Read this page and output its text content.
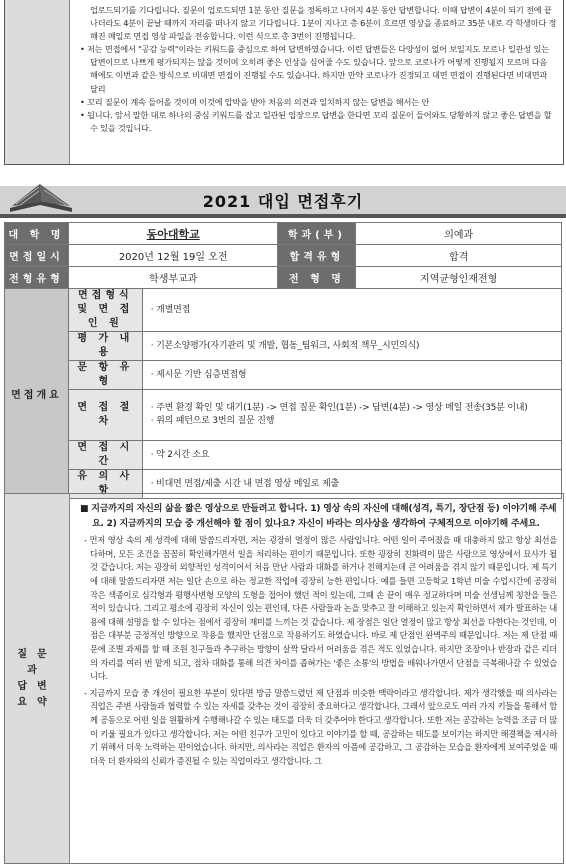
업로드되기를 기다립니다. 질문이 업로드되면 1분 동안 질문을 정독하고 나머지 4분 동안 답변합니다. 이때 답변이 4분이 되기 전에 끝나더라도 4분이 끝날 때까지 자리를 떠나지 않고 기다립니다. 1분이 지나고 총 6분이 흐르면 영상을 종료하고 35분 내로 각 학생마다 정해진 메일로 면접 영상 파일을 전송합니다. 이런 식으로 총 3번이 진행됩니다.

• 저는 면접에서 "공감 능력"이라는 키워드를 중심으로 하여 답변하였습니다. 이런 답변들은 다양성이 없어 보일지도 모르나 일관성 있는 답변이므로 나쁘게 평가되지는 않을 것이며 오히려 좋은 인상을 심어줄 수도 있습니다. 앞으로 코로나가 어떻게 진행될지 모르며 다음 해에도 이번과 같은 방식으로 비대면 면접이 진행될 수도 있습니다. 하지만 만약 코로나가 진정되고 대면 면접이 진행된다면 비대면과 달리

• 꼬리 질문이 계속 들어올 것이며 이것에 압박을 받아 처음의 의견과 일치하지 않는 답변을 해서는 안

• 됩니다. 앞서 말한 대로 하나의 중심 키워드를 잡고 일관된 입장으로 답변을 한다면 꼬리 질문이 들어와도 당황하지 않고 좋은 답변을 할 수 있을 것입니다.

2021 대입 면접후기
대 학 명	동아대학교		학과(부)	의예과
면접일시	2020년 12월 19일 오전		합격유형	합격
전형유형	학생부교과		전 형 명	지역균형인재전형
면접개요	면접형식 및 면 접 인 원	· 개별면접		
	평 가 내 용	· 기본소양평가(자기관리 및 개발, 협동_팀워크, 사회적 책무_시민의식)		
	문 항 유 형	· 제시문 기반 심층면접형		
	면 접 절 차	· 주변 환경 확인 및 대기(1분) -> 면접 질문 확인(1분) -> 답변(4분) -> 영상 메일 전송(35분 이내)
· 위의 패턴으로 3번의 질문 진행		

	면 접 시 간	· 약 2시간 소요		
	유 의 사 항	· 비대면 면접/제출 시간 내 면접 영상 메일로 제출		
질문과 답변 요약
■ 지금까지의 자신의 삶을 짧은 영상으로 만들려고 합니다. 1) 영상 속의 자신에 대해(성격, 특기, 장단점 등) 이야기해 주세요. 2) 지금까지의 모습 중 개선해야 할 점이 있나요? 자신이 바라는 의사상을 생각하여 구체적으로 이야기해 주세요.
- 먼저 영상 속의 제 성격에 대해 말씀드리자면, 저는 굉장히 열정이 많은 사람입니다. 어떤 일이 주어졌을 때 대충하지 않고 항상 최선을 다하며, 모든 조건을 꼼꼼히 확인해가면서 일을 처리하는 편이기 때문입니다. 또한 굉장히 친화력이 많은 사람으로 영상에서 묘사가 될 것 같습니다. 저는 굉장히 외향적인 성격이어서 처음 만난 사람과 대화를 하거나 친해지는데 큰 어려움을 겪지 않기 때문입니다. 제 특기에 대해 말씀드리자면 저는 일단 손으로 하는 정교한 작업에 굉장히 능한 편입니다. 예를 들면 고등학교 1학년 미술 수업시간에 공장히 작은 색종이로 심각형과 평행사변형 모양의 도형을 접어야 했던 적이 있는데, 그때 손 끝이 매우 정교하다며 미술 선생님께 칭찬을 들은 적이 있습니다. 그리고 평소에 굉장히 자신이 있는 편인데, 다른 사람들과 논을 맞추고 잘 이해하고 있는지 확인하면서 제가 발표하는 내용에 대해 설명을 할 수 있다는 점에서 굉장히 재미를 느끼는 것 같습니다. 제 장점은 일단 열정이 많고 항상 최선을 다한다는 것인데, 이 점은 대부분 긍정적인 방향으로 작용을 했지만 단점으로 작용하기도 하였습니다. 바로 제 단점인 완벽주의 때문입니다. 저는 제 단점 때문에 조별 과제를 할 때 조원 친구들과 추구하는 방향이 살짝 달라서 어려움을 겪은 적도 있었습니다. 하지만 조장이나 반장과 같은 리더의 자리를 여러 번 맡게 되고, 점차 대화를 통해 의견 차이를 좁혀가는 '좋은 소통'의 방법을 배워나가면서 단점을 극복해나갈 수 있었습니다.
- 지금까지 모습 중 개선이 필요한 부분이 있다면 방금 말씀드렸던 제 단점과 비슷한 맥락이라고 생각합니다. 제가 생각했을 때 의사라는 직업은 주변 사람들과 협력할 수 있는 자세를 갖추는 것이 굉장히 중요하다고 생각합니다. 그래서 앞으로도 여러 가지 키들을 통해서 함께 공동으로 어떤 일을 원활하게 수행해나갈 수 있는 태도를 더욱 더 갖추어야 한다고 생각합니다. 또한 저는 공감하는 능력을 조금 더 많이 키울 필요가 있다고 생각합니다. 저는 어떤 친구가 고민이 있다고 이야기를 할 때, 공감하는 태도를 보이기는 하지만 해결책을 제시하기 위해서 더욱 노력하는 편이었습니다. 하지만, 의사라는 직업은 환자의 아픔에 공감하고, 그 공감하는 모습을 환자에게 보여주었을 때 더욱 더 환자와의 신뢰가 증진될 수 있는 직업이라고 생각합니다. 그
